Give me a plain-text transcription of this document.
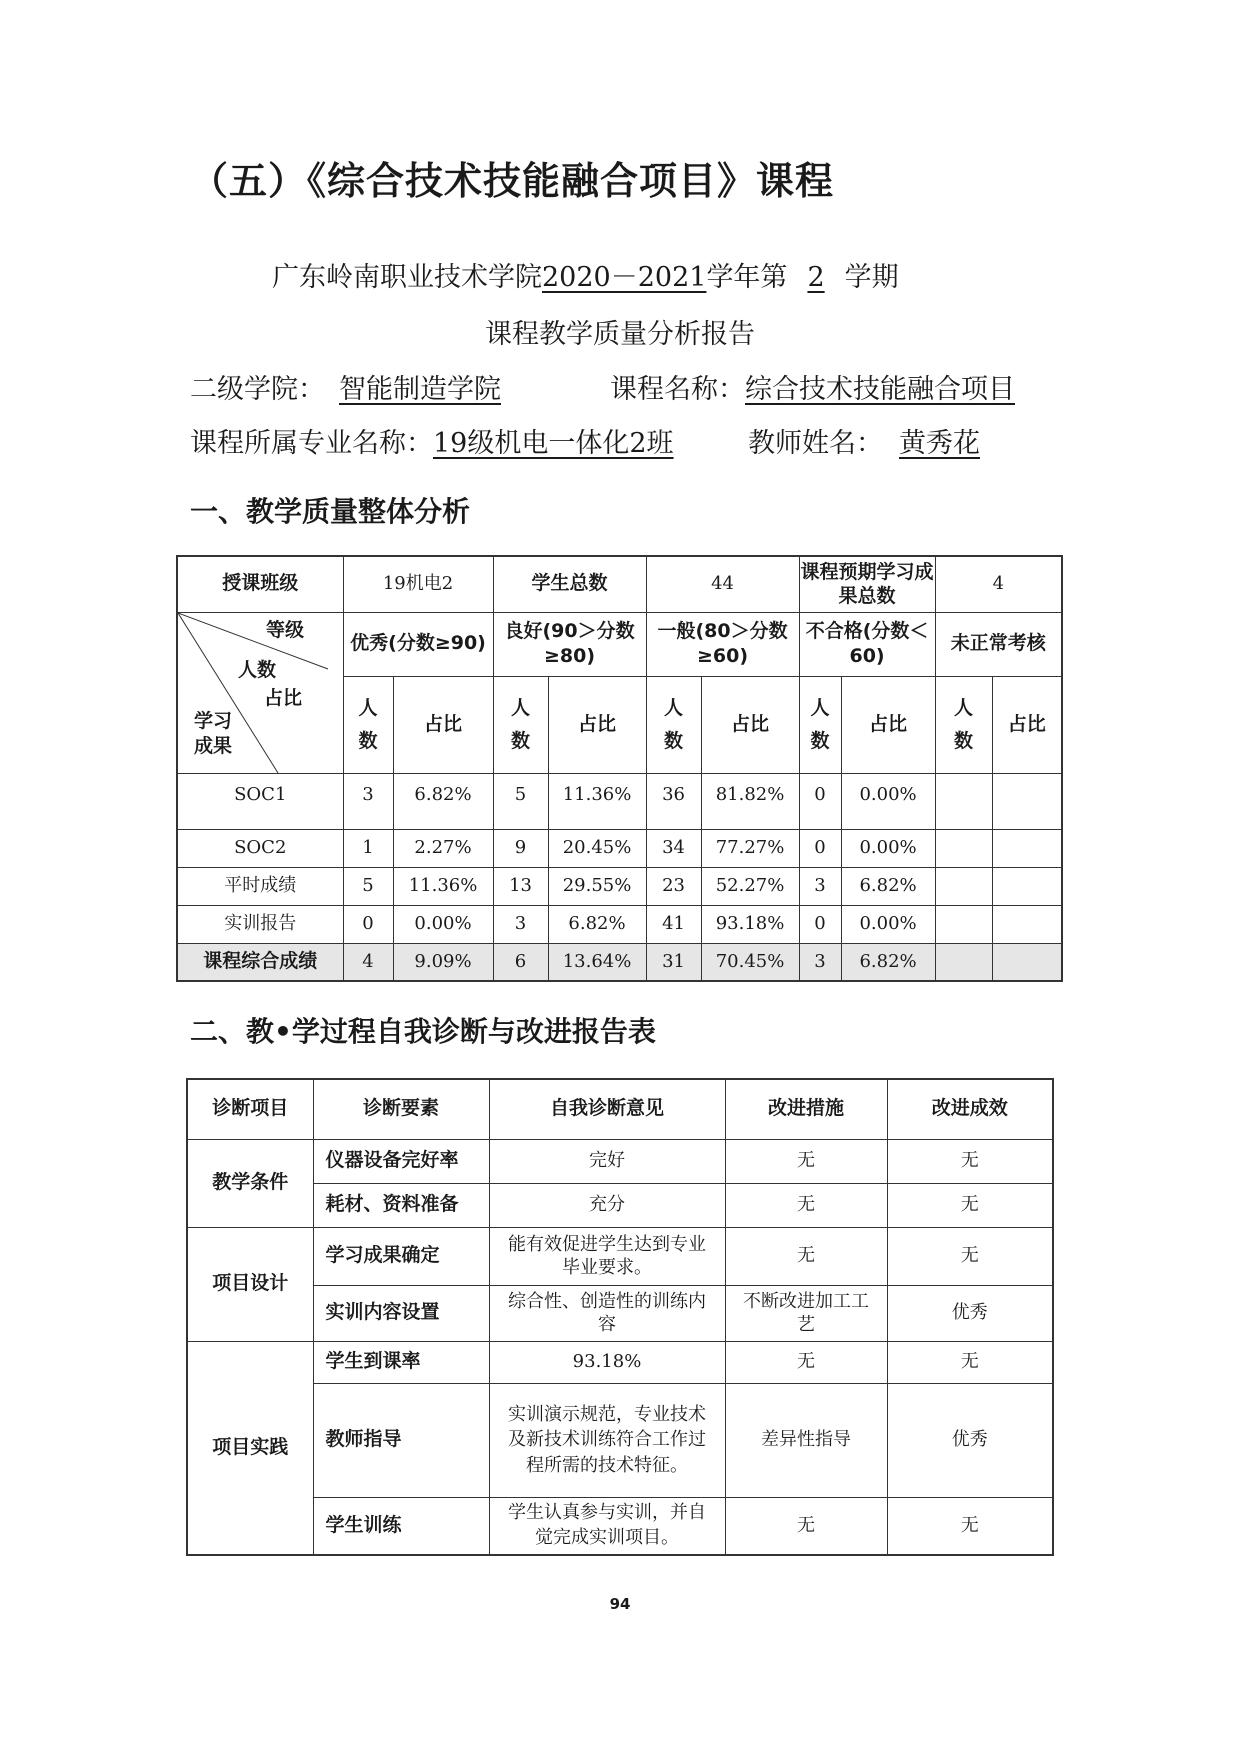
（五）《综合技术技能融合项目》课程
广东岭南职业技术学院2020－2021学年第 2 学期
课程教学质量分析报告
二级学院： 智能制造学院	课程名称：综合技术技能融合项目
课程所属专业名称：19级机电一体化2班	教师姓名： 黄秀花
一、教学质量整体分析
授课班级	19机电2		学生总数		44		课程预期学习成果总数		4	

等级
人数
占比
学习成果	优秀(分数≥90)		良好(90＞分数≥80)		一般(80＞分数≥60)		不合格(分数＜60)		未正常考核	
	人数	占比	人数	占比	人数	占比	人数	占比	人数	占比
SOC1	3	6.82%	5	11.36%	36	81.82%	0	0.00%		
SOC2	1	2.27%	9	20.45%	34	77.27%	0	0.00%		
平时成绩	5	11.36%	13	29.55%	23	52.27%	3	6.82%		
实训报告	0	0.00%	3	6.82%	41	93.18%	0	0.00%		
课程综合成绩	4	9.09%	6	13.64%	31	70.45%	3	6.82%		
二、教•学过程自我诊断与改进报告表
诊断项目	诊断要素	自我诊断意见	改进措施	改进成效
教学条件	仪器设备完好率	完好	无	无
	耗材、资料准备	充分	无	无
项目设计	学习成果确定	能有效促进学生达到专业毕业要求。	无	无
	实训内容设置	综合性、创造性的训练内容	不断改进加工工艺	优秀
项目实践	学生到课率	93.18%	无	无
	教师指导	实训演示规范，专业技术及新技术训练符合工作过程所需的技术特征。	差异性指导	优秀
	学生训练	学生认真参与实训，并自觉完成实训项目。	无	无
94
